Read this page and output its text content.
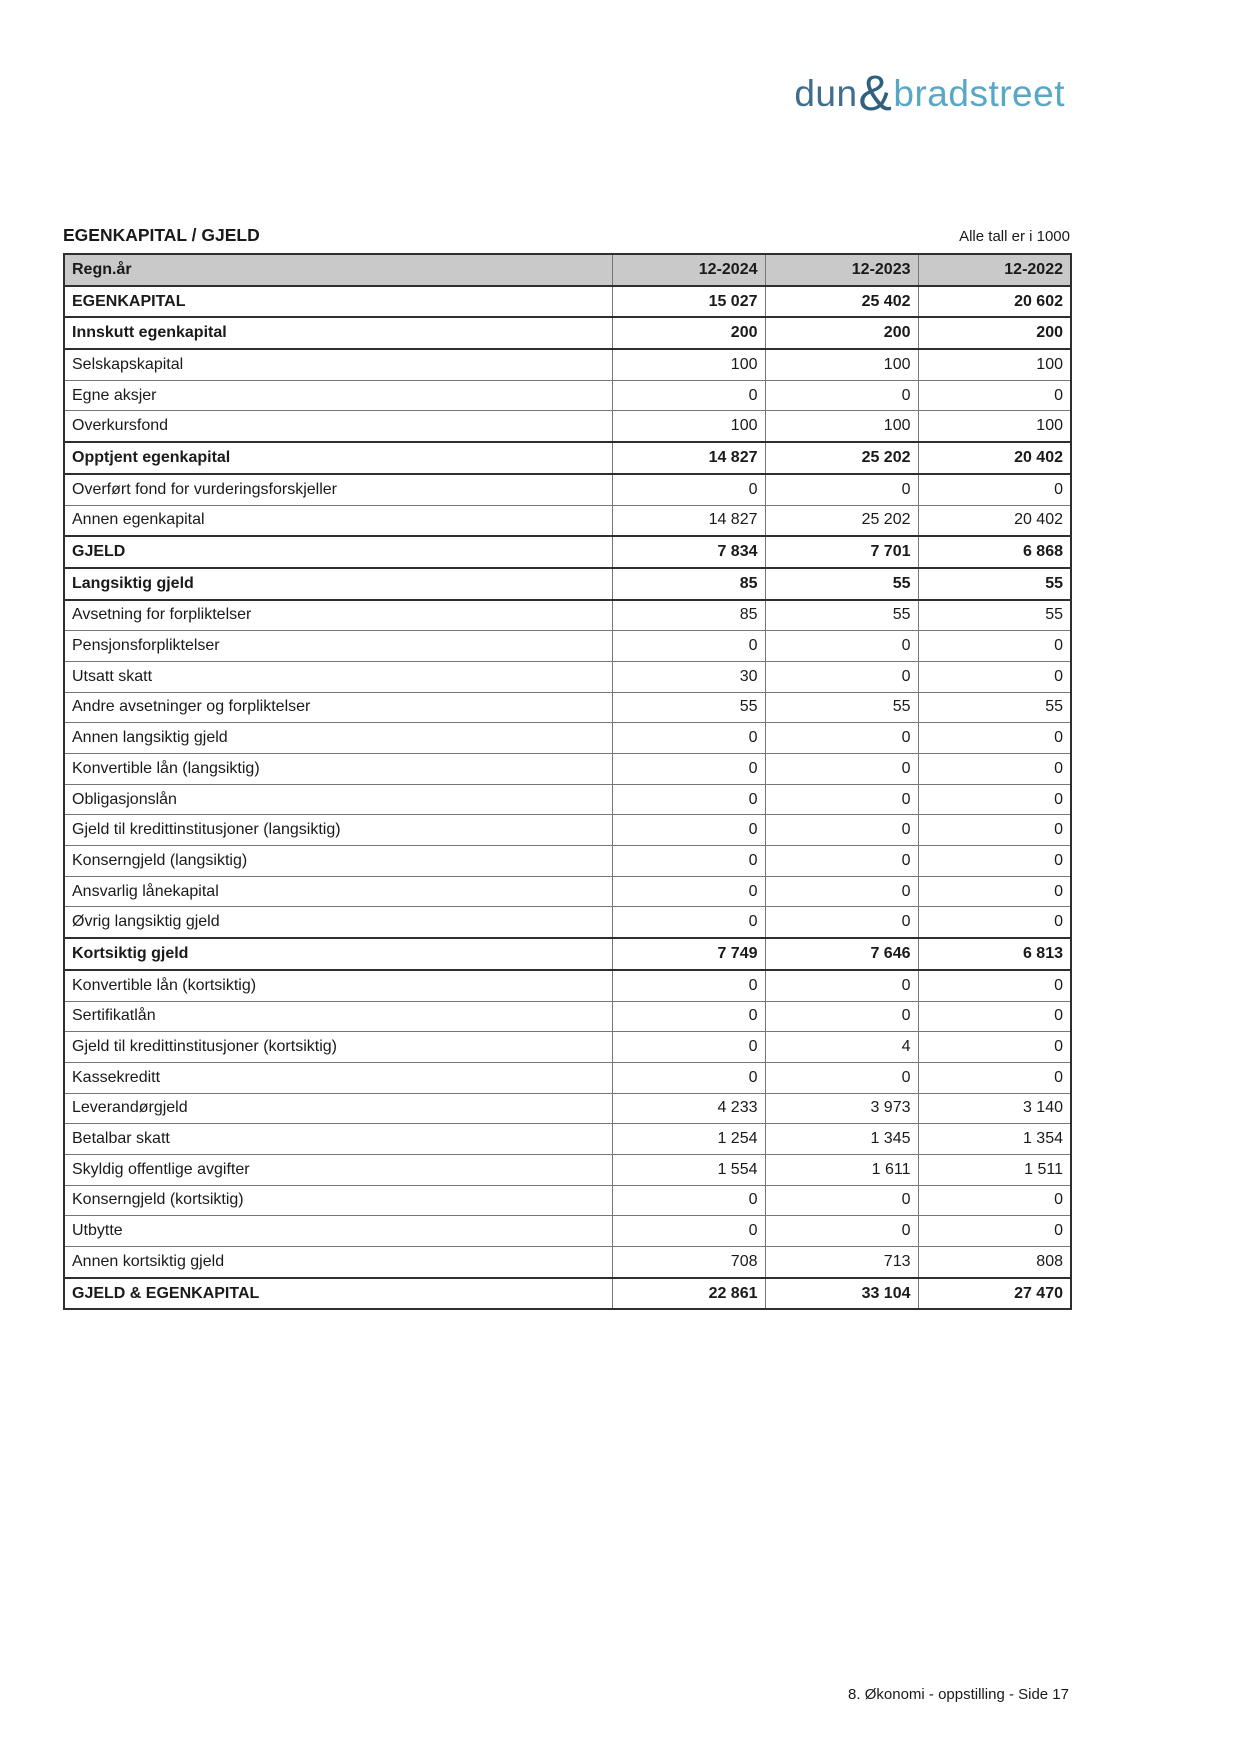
dun & bradstreet
EGENKAPITAL / GJELD	Alle tall er i 1000
Regn.år	12-2024	12-2023	12-2022
EGENKAPITAL	15 027	25 402	20 602
Innskutt egenkapital	200	200	200
Selskapskapital	100	100	100
Egne aksjer	0	0	0
Overkursfond	100	100	100
Opptjent egenkapital	14 827	25 202	20 402
Overført fond for vurderingsforskjeller	0	0	0
Annen egenkapital	14 827	25 202	20 402
GJELD	7 834	7 701	6 868
Langsiktig gjeld	85	55	55
Avsetning for forpliktelser	85	55	55
Pensjonsforpliktelser	0	0	0
Utsatt skatt	30	0	0
Andre avsetninger og forpliktelser	55	55	55
Annen langsiktig gjeld	0	0	0
Konvertible lån (langsiktig)	0	0	0
Obligasjonslån	0	0	0
Gjeld til kredittinstitusjoner (langsiktig)	0	0	0
Konserngjeld (langsiktig)	0	0	0
Ansvarlig lånekapital	0	0	0
Øvrig langsiktig gjeld	0	0	0
Kortsiktig gjeld	7 749	7 646	6 813
Konvertible lån (kortsiktig)	0	0	0
Sertifikatlån	0	0	0
Gjeld til kredittinstitusjoner (kortsiktig)	0	4	0
Kassekreditt	0	0	0
Leverandørgjeld	4 233	3 973	3 140
Betalbar skatt	1 254	1 345	1 354
Skyldig offentlige avgifter	1 554	1 611	1 511
Konserngjeld (kortsiktig)	0	0	0
Utbytte	0	0	0
Annen kortsiktig gjeld	708	713	808
GJELD & EGENKAPITAL	22 861	33 104	27 470
8. Økonomi - oppstilling - Side 17
